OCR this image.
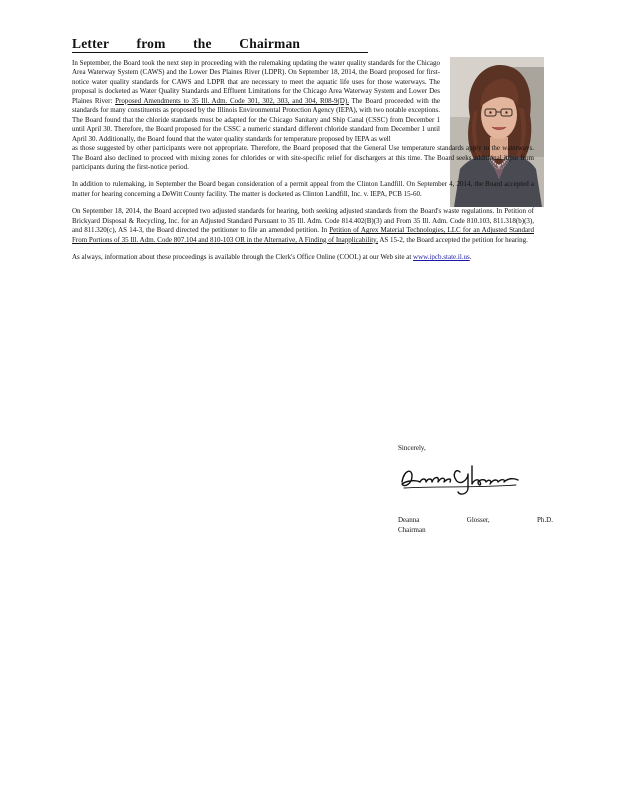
Letter from the Chairman

In September, the Board took the next step in proceeding with the rulemaking updating the water quality standards for the Chicago Area Waterway System (CAWS) and the Lower Des Plaines River (LDPR). On September 18, 2014, the Board proposed for first-notice water quality standards for CAWS and LDPR that are necessary to meet the aquatic life uses for those waterways. The proposal is docketed as Water Quality Standards and Effluent Limitations for the Chicago Area Waterway System and Lower Des Plaines River: Proposed Amendments to 35 Ill. Adm. Code 301, 302, 303, and 304, R08-9(D). The Board proceeded with the standards for many constituents as proposed by the Illinois Environmental Protection Agency (IEPA), with two notable exceptions. The Board found that the chloride standards must be adapted for the Chicago Sanitary and Ship Canal (CSSC) from December 1 until April 30. Therefore, the Board proposed for the CSSC a numeric standard different chloride standard from December 1 until April 30. Additionally, the Board found that the water quality standards for temperature proposed by IEPA as well
as those suggested by other participants were not appropriate. Therefore, the Board proposed that the General Use temperature standards apply to the waterways. The Board also declined to proceed with mixing zones for chlorides or with site-specific relief for dischargers at this time. The Board seeks additional input from participants during the first-notice period.

In addition to rulemaking, in September the Board began consideration of a permit appeal from the Clinton Landfill. On September 4, 2014, the Board accepted a matter for hearing concerning a DeWitt County facility. The matter is docketed as Clinton Landfill, Inc. v. IEPA, PCB 15-60.

On September 18, 2014, the Board accepted two adjusted standards for hearing, both seeking adjusted standards from the Board's waste regulations. In Petition of Brickyard Disposal & Recycling, Inc. for an Adjusted Standard Pursuant to 35 Ill. Adm. Code 814.402(B)(3) and From 35 Ill. Adm. Code 810.103, 811.318(b)(3), and 811.320(c), AS 14-3, the Board directed the petitioner to file an amended petition. In Petition of Agrex Material Technologies, LLC for an Adjusted Standard From Portions of 35 Ill. Adm. Code 807.104 and 810-103 OR in the Alternative, A Finding of Inapplicability, AS 15-2, the Board accepted the petition for hearing.

As always, information about these proceedings is available through the Clerk's Office Online (COOL) at our Web site at www.ipcb.state.il.us.

Sincerely,
Deanna	Glosser,	Ph.D.
Chairman
